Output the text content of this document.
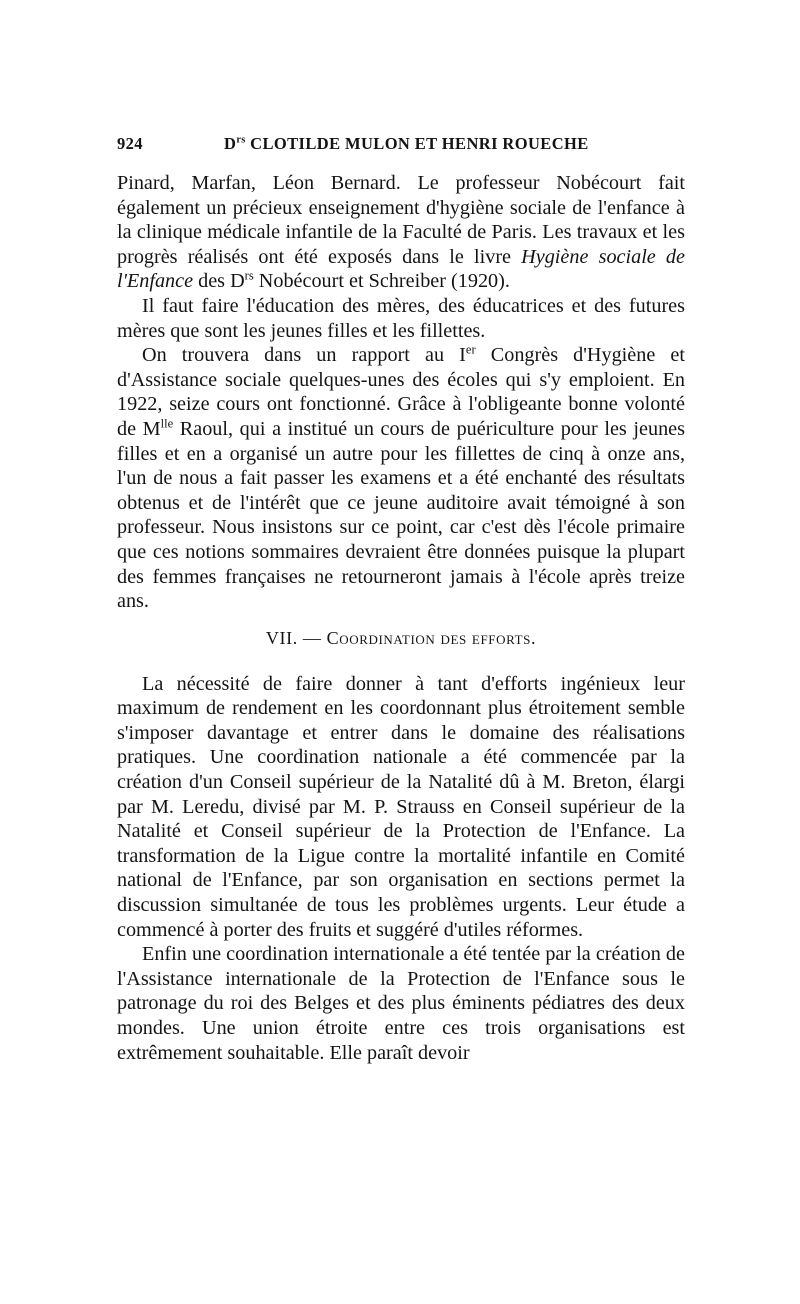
924	$D^{rs}$ CLOTILDE MULON ET HENRI ROUECHE

Pinard, Marfan, Léon Bernard. Le professeur Nobécourt fait également un précieux enseignement d'hygiène sociale de l'enfance à la clinique médicale infantile de la Faculté de Paris. Les travaux et les progrès réalisés ont été exposés dans le livre Hygiène sociale de l'Enfance des $D^{rs}$ Nobécourt et Schreiber (1920).

Il faut faire l'éducation des mères, des éducatrices et des futures mères que sont les jeunes filles et les fillettes.

On trouvera dans un rapport au Ier Congrès d'Hygiène et d'Assistance sociale quelques-unes des écoles qui s'y emploient. En 1922, seize cours ont fonctionné. Grâce à l'obligeante bonne volonté de $M^{lle}$ Raoul, qui a institué un cours de puériculture pour les jeunes filles et en a organisé un autre pour les fillettes de cinq à onze ans, l'un de nous a fait passer les examens et a été enchanté des résultats obtenus et de l'intérêt que ce jeune auditoire avait témoigné à son professeur. Nous insistons sur ce point, car c'est dès l'école primaire que ces notions sommaires devraient être données puisque la plupart des femmes françaises ne retourneront jamais à l'école après treize ans.

VII. — Coordination des efforts.

La nécessité de faire donner à tant d'efforts ingénieux leur maximum de rendement en les coordonnant plus étroitement semble s'imposer davantage et entrer dans le domaine des réalisations pratiques. Une coordination nationale a été commencée par la création d'un Conseil supérieur de la Natalité dû à M. Breton, élargi par M. Leredu, divisé par M. P. Strauss en Conseil supérieur de la Natalité et Conseil supérieur de la Protection de l'Enfance. La transformation de la Ligue contre la mortalité infantile en Comité national de l'Enfance, par son organisation en sections permet la discussion simultanée de tous les problèmes urgents. Leur étude a commencé à porter des fruits et suggéré d'utiles réformes.

Enfin une coordination internationale a été tentée par la création de l'Assistance internationale de la Protection de l'Enfance sous le patronage du roi des Belges et des plus éminents pédiatres des deux mondes. Une union étroite entre ces trois organisations est extrêmement souhaitable. Elle paraît devoir
